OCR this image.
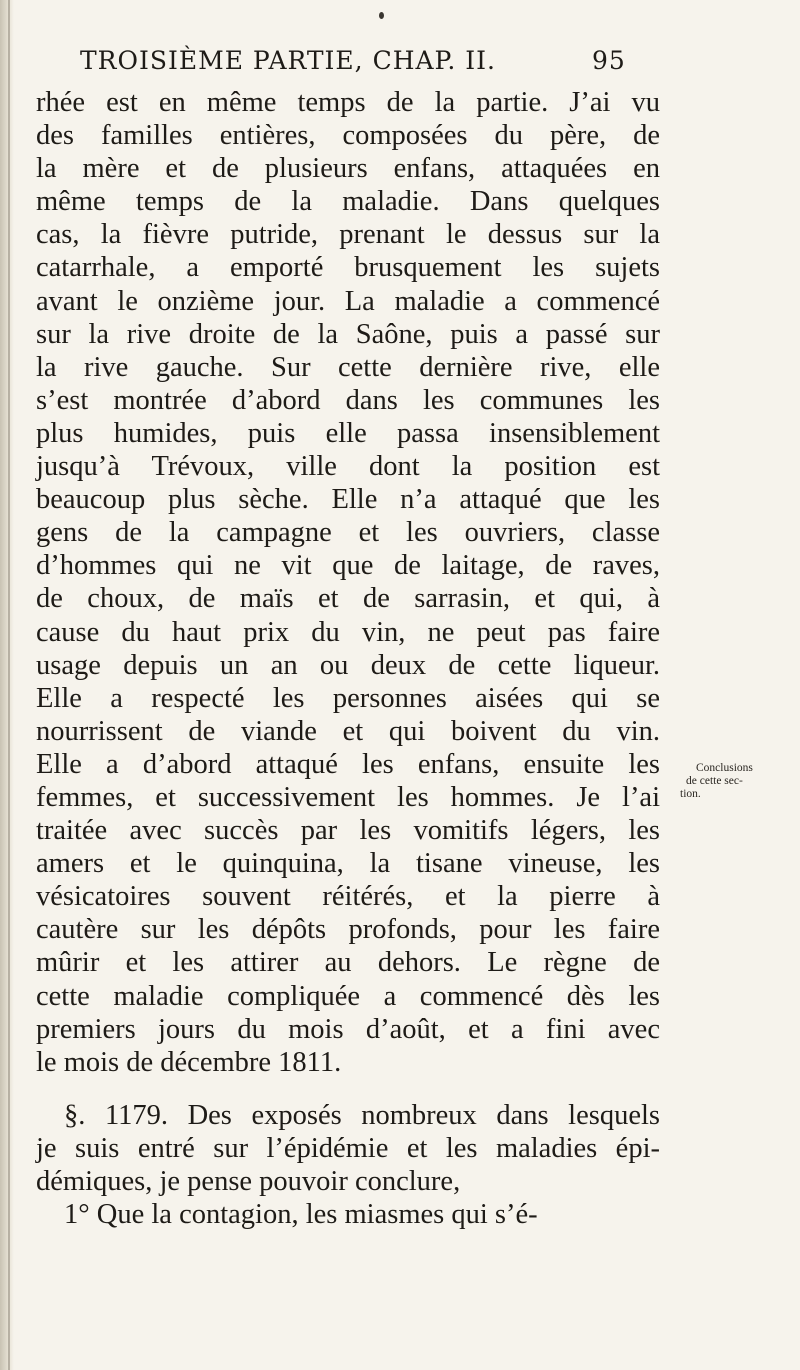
TROISIÈME PARTIE, CHAP. II.	95
rhée est en même temps de la partie. J’ai vu
des familles entières, composées du père, de
la mère et de plusieurs enfans, attaquées en
même temps de la maladie. Dans quelques
cas, la fièvre putride, prenant le dessus sur la
catarrhale, a emporté brusquement les sujets
avant le onzième jour. La maladie a commencé
sur la rive droite de la Saône, puis a passé sur
la rive gauche. Sur cette dernière rive, elle
s’est montrée d’abord dans les communes les
plus humides, puis elle passa insensiblement
jusqu’à Trévoux, ville dont la position est
beaucoup plus sèche. Elle n’a attaqué que les
gens de la campagne et les ouvriers, classe
d’hommes qui ne vit que de laitage, de raves,
de choux, de maïs et de sarrasin, et qui, à
cause du haut prix du vin, ne peut pas faire
usage depuis un an ou deux de cette liqueur.
Elle a respecté les personnes aisées qui se
nourrissent de viande et qui boivent du vin.
Elle a d’abord attaqué les enfans, ensuite les
femmes, et successivement les hommes. Je l’ai
traitée avec succès par les vomitifs légers, les
amers et le quinquina, la tisane vineuse, les
vésicatoires souvent réitérés, et la pierre à
cautère sur les dépôts profonds, pour les faire
mûrir et les attirer au dehors. Le règne de
cette maladie compliquée a commencé dès les
premiers jours du mois d’août, et a fini avec
le mois de décembre 1811.
§. 1179. Des exposés nombreux dans lesquels
je suis entré sur l’épidémie et les maladies épi-
démiques, je pense pouvoir conclure,
1° Que la contagion, les miasmes qui s’é-
Conclusions
de cette sec-
tion.
